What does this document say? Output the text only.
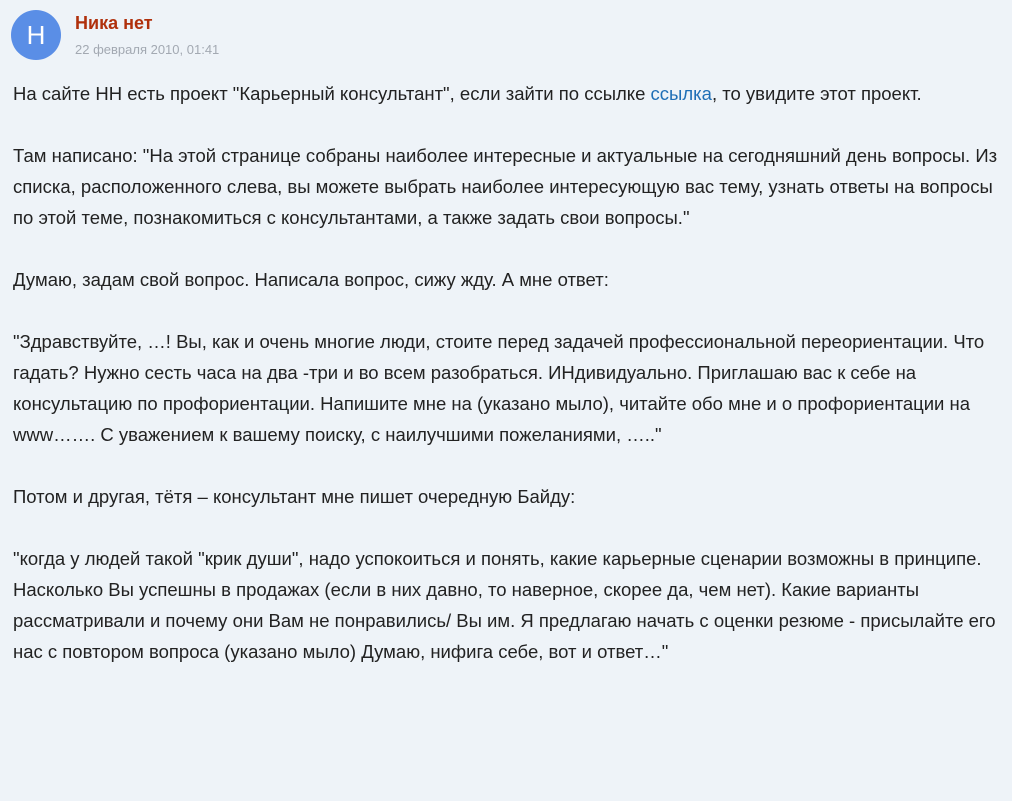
Н	Ника нет
22 февраля 2010, 01:41

На сайте НН есть проект "Карьерный консультант", если зайти по ссылке ссылка, то увидите этот проект.

Там написано: "На этой странице собраны наиболее интересные и актуальные на сегодняшний день вопросы. Из списка, расположенного слева, вы можете выбрать наиболее интересующую вас тему, узнать ответы на вопросы по этой теме, познакомиться с консультантами, а также задать свои вопросы."

Думаю, задам свой вопрос. Написала вопрос, сижу жду. А мне ответ:

"Здравствуйте, …! Вы, как и очень многие люди, стоите перед задачей профессиональной переориентации. Что гадать? Нужно сесть часа на два -три и во всем разобраться. ИНдивидуально. Приглашаю вас к себе на консультацию по профориентации. Напишите мне на (указано мыло), читайте обо мне и о профориентации на www……. С уважением к вашему поиску, с наилучшими пожеланиями, ….."

Потом и другая, тётя – консультант мне пишет очередную Байду:

"когда у людей такой "крик души", надо успокоиться и понять, какие карьерные сценарии возможны в принципе. Насколько Вы успешны в продажах (если в них давно, то наверное, скорее да, чем нет). Какие варианты рассматривали и почему они Вам не понравились/ Вы им. Я предлагаю начать с оценки резюме - присылайте его нас с повтором вопроса (указано мыло) Думаю, нифига себе, вот и ответ…"
